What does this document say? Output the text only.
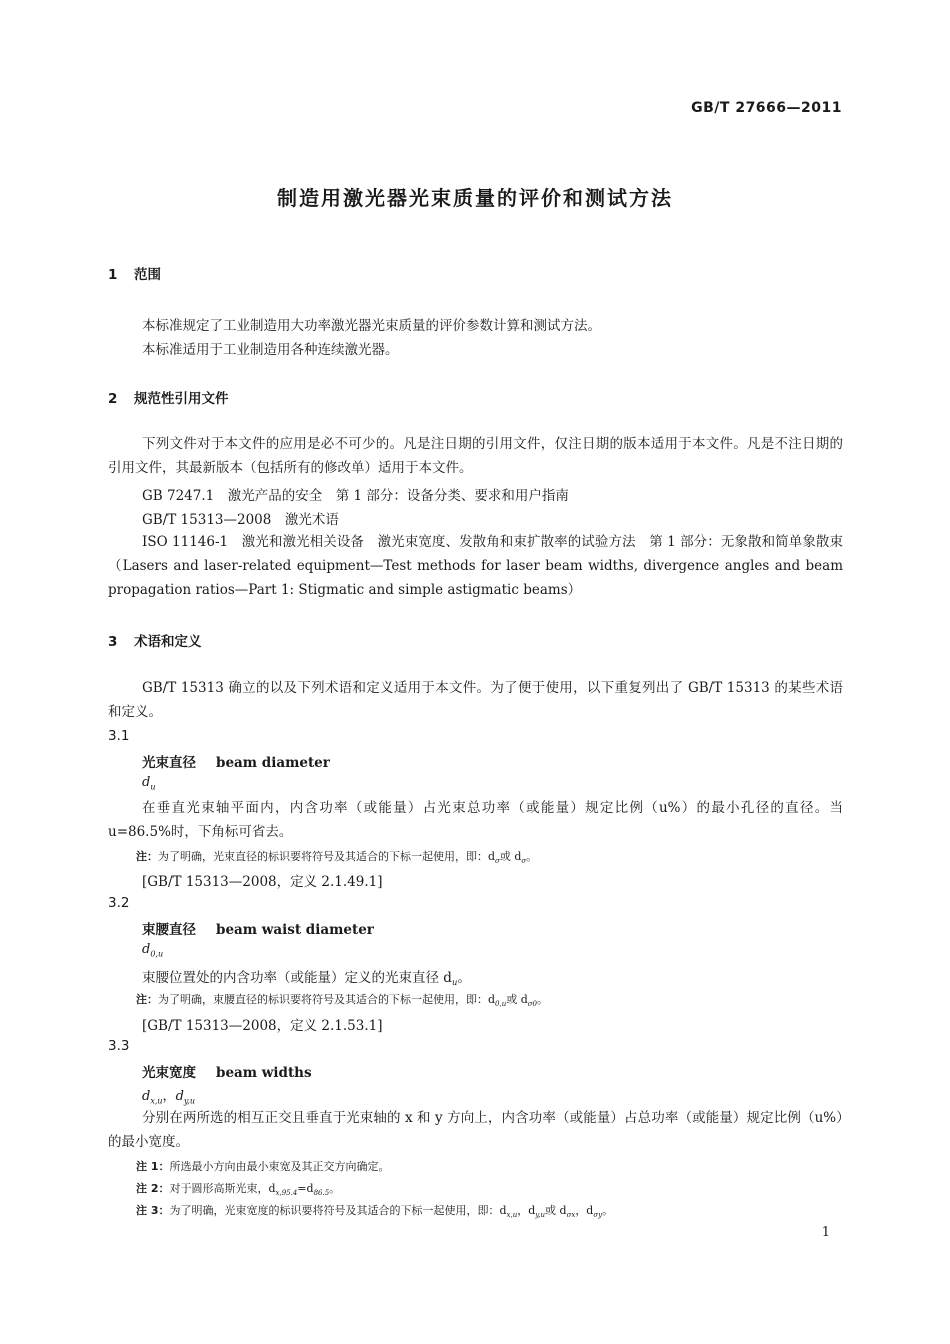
GB/T 27666—2011
制造用激光器光束质量的评价和测试方法
1 范围
本标准规定了工业制造用大功率激光器光束质量的评价参数计算和测试方法。
本标准适用于工业制造用各种连续激光器。
2 规范性引用文件
下列文件对于本文件的应用是必不可少的。凡是注日期的引用文件，仅注日期的版本适用于本文件。凡是不注日期的引用文件，其最新版本（包括所有的修改单）适用于本文件。
GB 7247.1　激光产品的安全　第 1 部分：设备分类、要求和用户指南
GB/T 15313—2008　激光术语
ISO 11146-1　激光和激光相关设备　激光束宽度、发散角和束扩散率的试验方法　第 1 部分：无象散和简单象散束（Lasers and laser-related equipment—Test methods for laser beam widths, divergence angles and beam propagation ratios—Part 1: Stigmatic and simple astigmatic beams）
3 术语和定义
GB/T 15313 确立的以及下列术语和定义适用于本文件。为了便于使用，以下重复列出了 GB/T 15313 的某些术语和定义。
3.1
光束直径 beam diameter
$d_u$
在垂直光束轴平面内，内含功率（或能量）占光束总功率（或能量）规定比例（u%）的最小孔径的直径。当 u=86.5%时，下角标可省去。
注：为了明确，光束直径的标识要将符号及其适合的下标一起使用，即：$d_\sigma$或 $d_\sigma$。
[GB/T 15313—2008，定义 2.1.49.1]
3.2
束腰直径 beam waist diameter
$d_{0,u}$
束腰位置处的内含功率（或能量）定义的光束直径 $d_u$。
注：为了明确，束腰直径的标识要将符号及其适合的下标一起使用，即：$d_{0,u}$或 $d_{\sigma 0}$。
[GB/T 15313—2008，定义 2.1.53.1]
3.3
光束宽度 beam widths
$d_{x,u}$，$d_{y,u}$
分别在两所选的相互正交且垂直于光束轴的 x 和 y 方向上，内含功率（或能量）占总功率（或能量）规定比例（u%）的最小宽度。
注 1：所选最小方向由最小束宽及其正交方向确定。
注 2：对于圆形高斯光束，$d_{x,95.4}=d_{86.5}$。
注 3：为了明确，光束宽度的标识要将符号及其适合的下标一起使用，即：$d_{x,u}$，$d_{y,u}$或 $d_{\sigma x}$，$d_{\sigma y}$。
1
